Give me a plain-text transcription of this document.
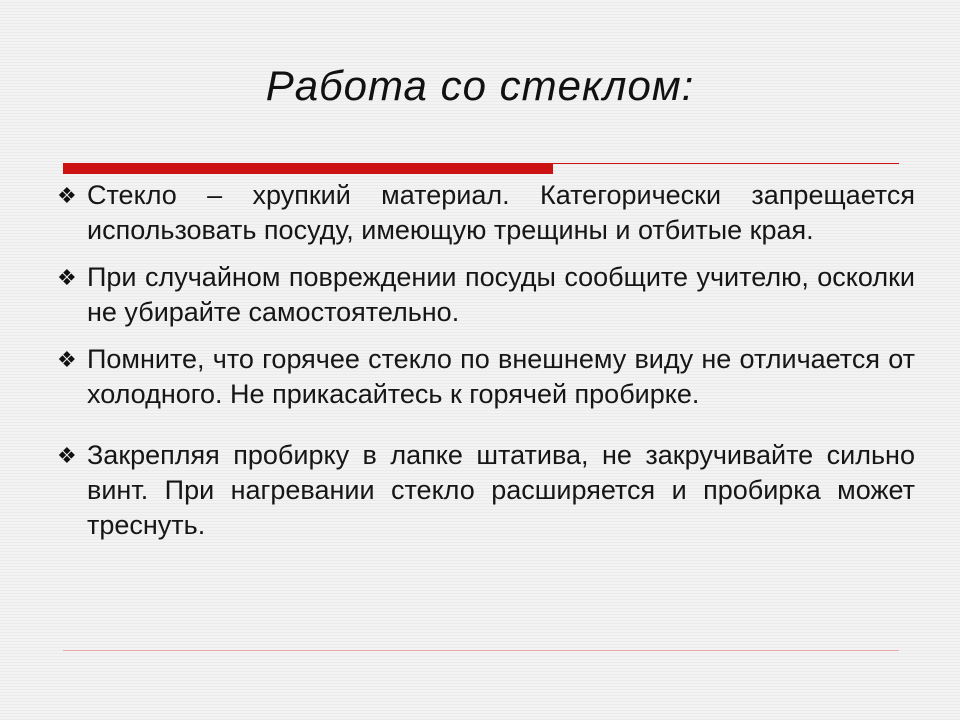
Работа со стеклом:

❖ Стекло – хрупкий материал. Категорически запрещается использовать посуду, имеющую трещины и отбитые края.

❖ При случайном повреждении посуды сообщите учителю, осколки не убирайте самостоятельно.

❖ Помните, что горячее стекло по внешнему виду не отличается от холодного. Не прикасайтесь к горячей пробирке.

❖ Закрепляя пробирку в лапке штатива, не закручивайте сильно винт. При нагревании стекло расширяется и пробирка может треснуть.
